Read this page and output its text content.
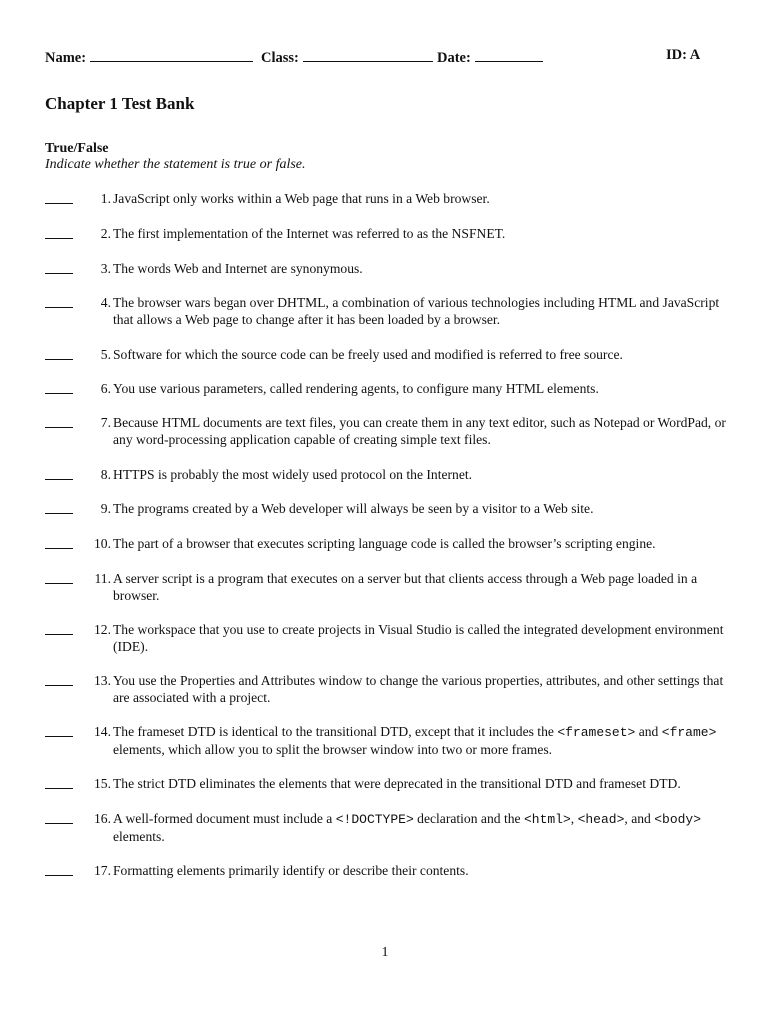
Name:	Class:	Date:	ID: A
Chapter 1 Test Bank
True/False
Indicate whether the statement is true or false.
1. JavaScript only works within a Web page that runs in a Web browser.
2. The first implementation of the Internet was referred to as the NSFNET.
3. The words Web and Internet are synonymous.
4. The browser wars began over DHTML, a combination of various technologies including HTML and JavaScript that allows a Web page to change after it has been loaded by a browser.
5. Software for which the source code can be freely used and modified is referred to free source.
6. You use various parameters, called rendering agents, to configure many HTML elements.
7. Because HTML documents are text files, you can create them in any text editor, such as Notepad or WordPad, or any word-processing application capable of creating simple text files.
8. HTTPS is probably the most widely used protocol on the Internet.
9. The programs created by a Web developer will always be seen by a visitor to a Web site.
10. The part of a browser that executes scripting language code is called the browser’s scripting engine.
11. A server script is a program that executes on a server but that clients access through a Web page loaded in a browser.
12. The workspace that you use to create projects in Visual Studio is called the integrated development environment (IDE).
13. You use the Properties and Attributes window to change the various properties, attributes, and other settings that are associated with a project.
14. The frameset DTD is identical to the transitional DTD, except that it includes the <frameset> and <frame> elements, which allow you to split the browser window into two or more frames.
15. The strict DTD eliminates the elements that were deprecated in the transitional DTD and frameset DTD.
16. A well-formed document must include a <!DOCTYPE> declaration and the <html>, <head>, and <body> elements.
17. Formatting elements primarily identify or describe their contents.
1
